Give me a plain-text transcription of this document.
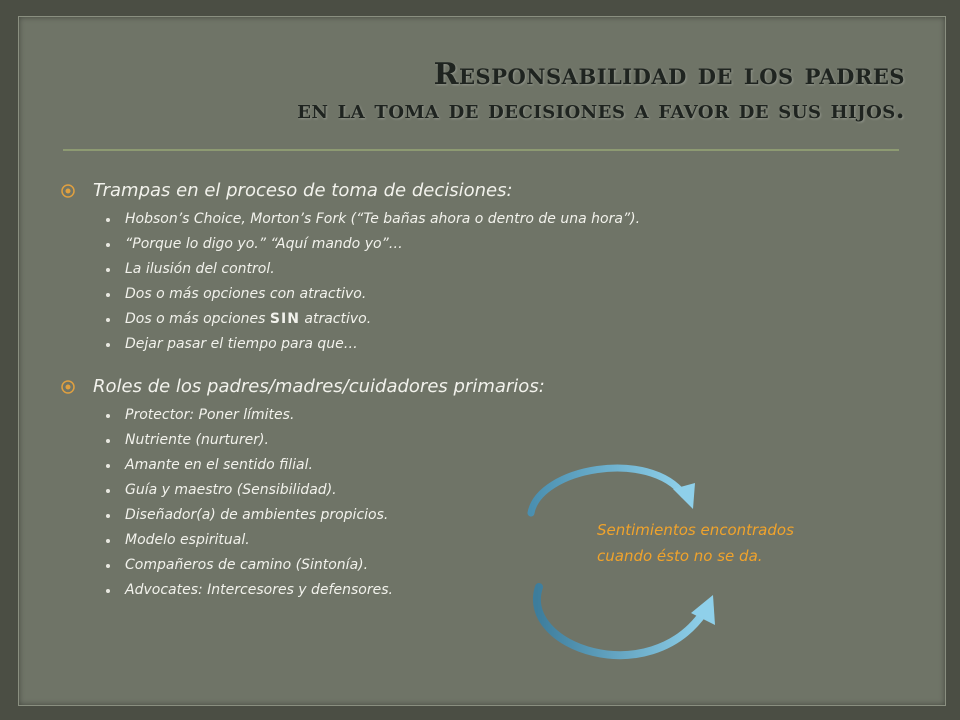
Responsabilidad de los padres
en la toma de decisiones a favor de sus hijos.
Trampas en el proceso de toma de decisiones:
Hobson’s Choice, Morton’s Fork (“Te bañas ahora o dentro de una hora”).
“Porque lo digo yo.” “Aquí mando yo”…
La ilusión del control.
Dos o más opciones con atractivo.
Dos o más opciones SIN atractivo.
Dejar pasar el tiempo para que…
Roles de los padres/madres/cuidadores primarios:
Protector: Poner límites.
Nutriente (nurturer).
Amante en el sentido filial.
Guía y maestro (Sensibilidad).
Diseñador(a) de ambientes propicios.
Modelo espiritual.
Compañeros de camino (Sintonía).
Advocates: Intercesores y defensores.
Sentimientos encontrados
cuando ésto no se da.
